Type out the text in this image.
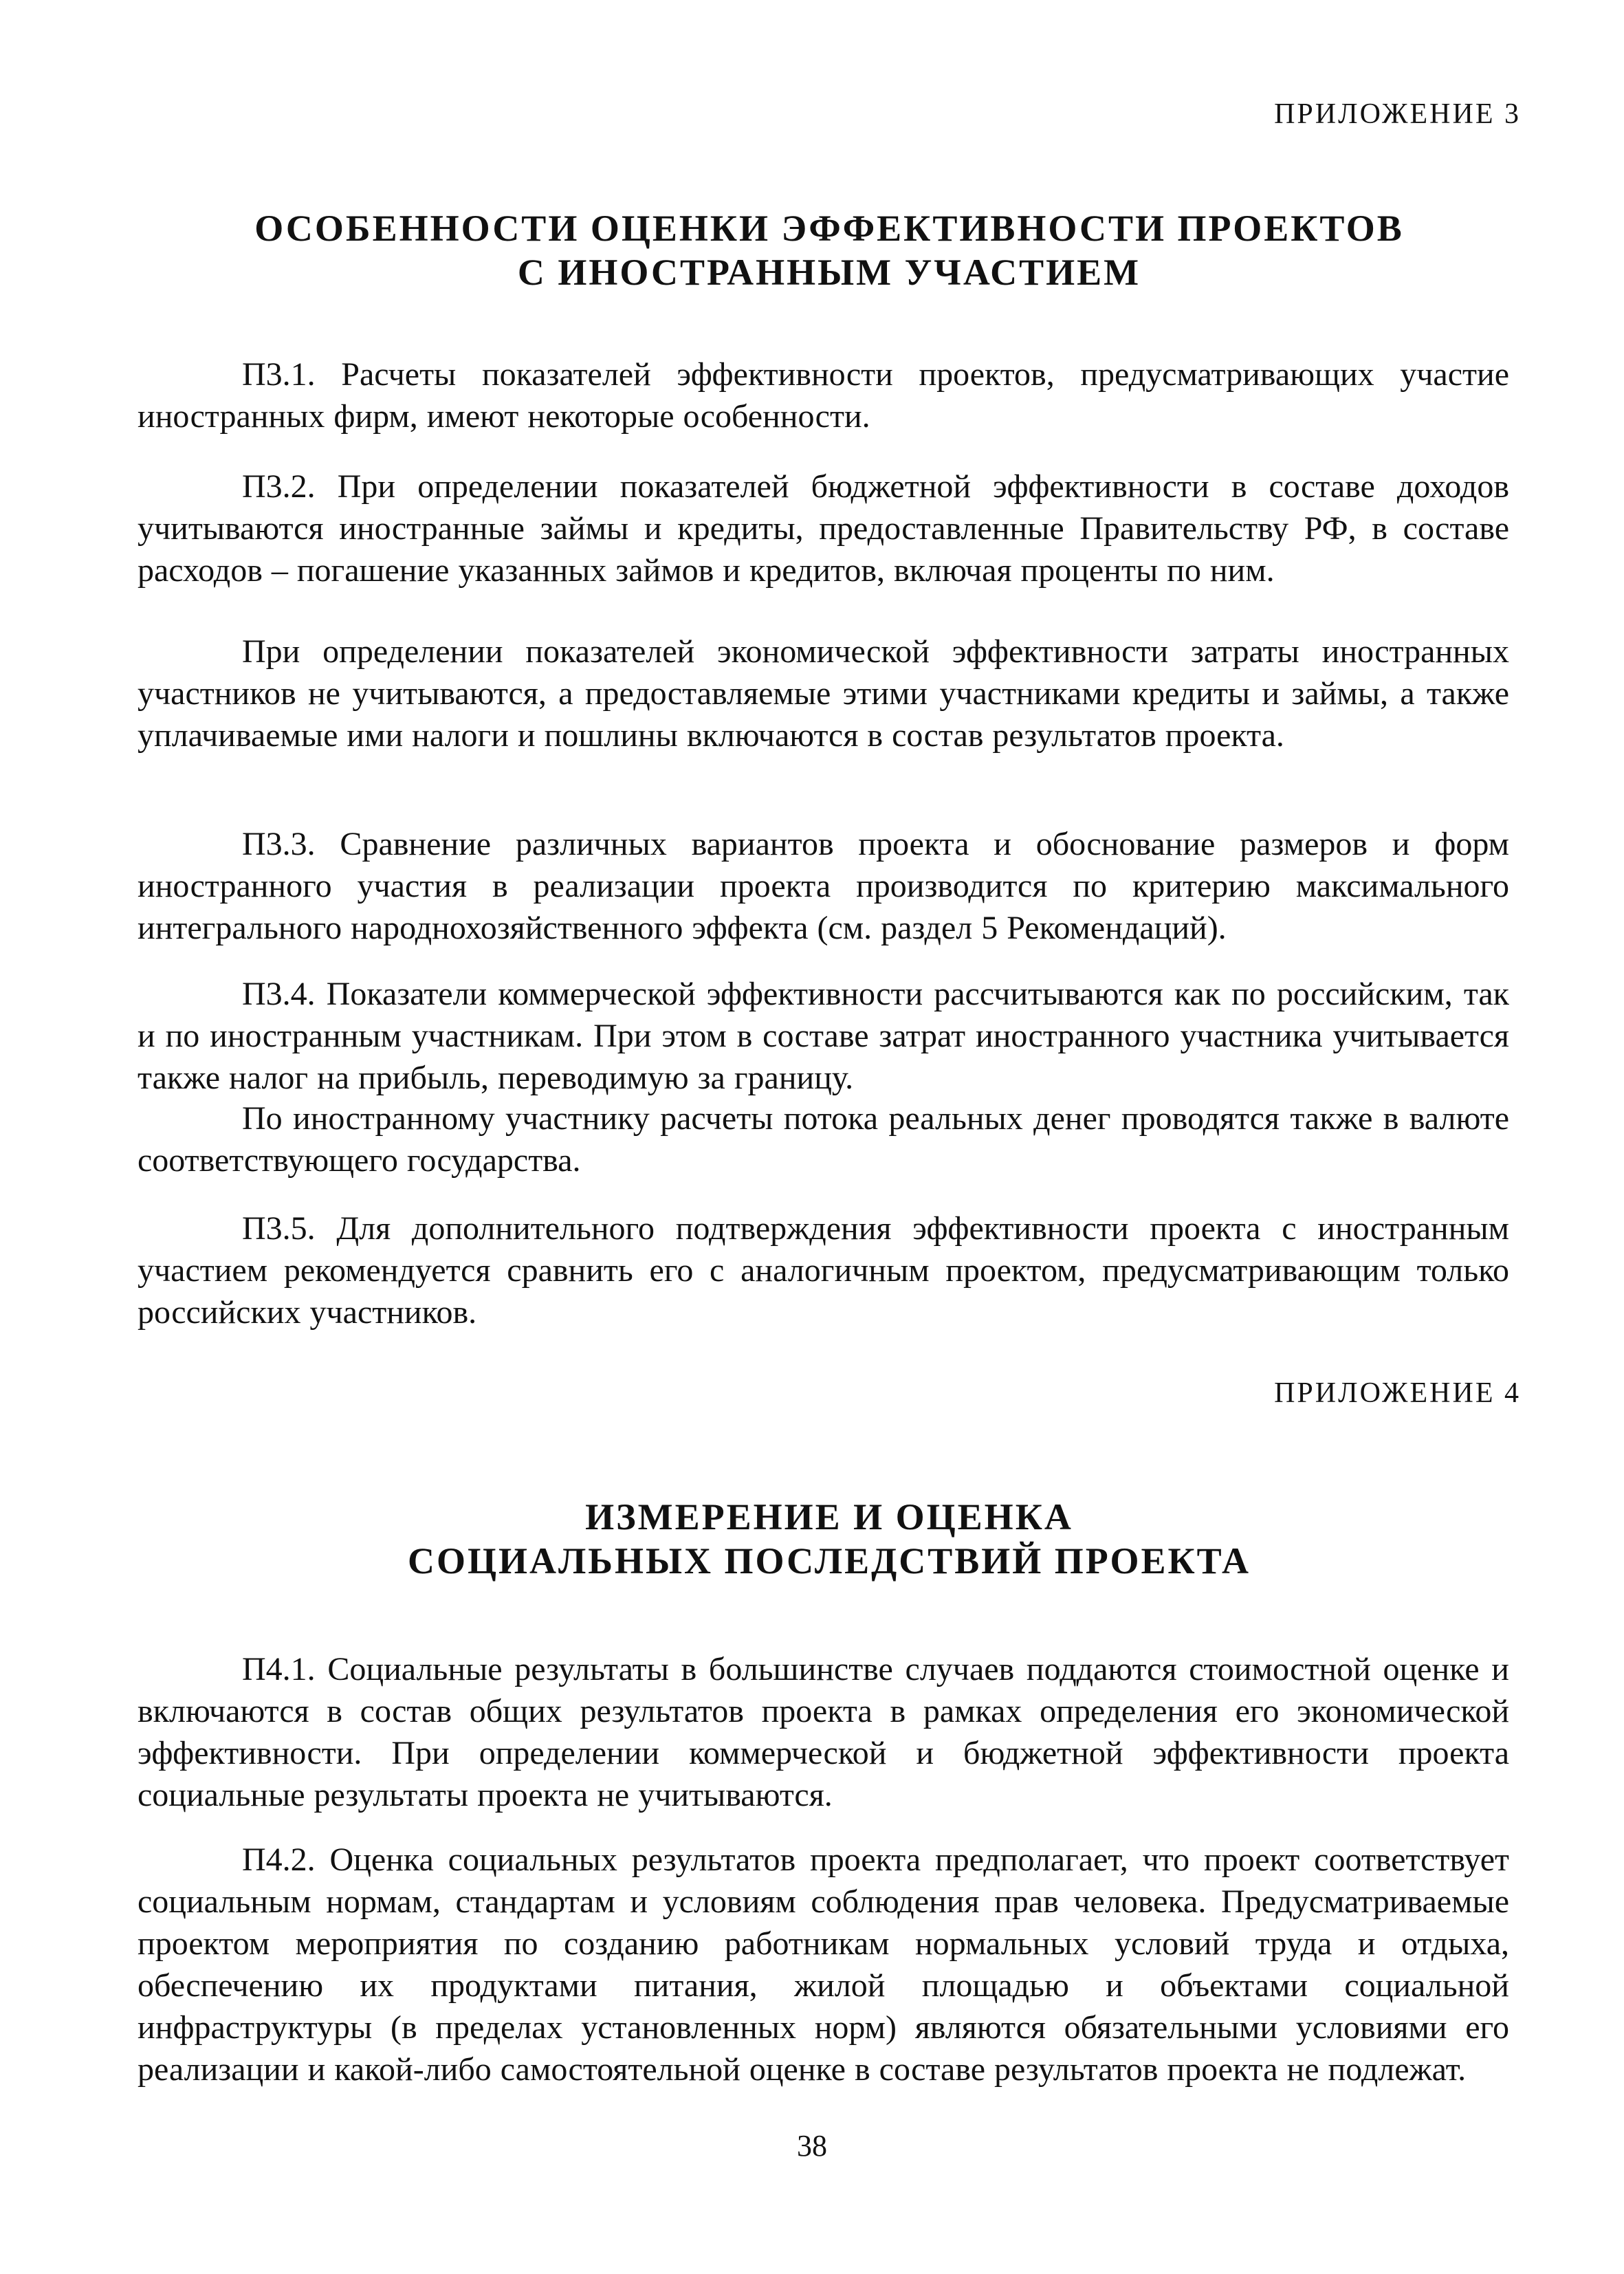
ПРИЛОЖЕНИЕ 3
ОСОБЕННОСТИ ОЦЕНКИ ЭФФЕКТИВНОСТИ ПРОЕКТОВ
С ИНОСТРАННЫМ УЧАСТИЕМ

П3.1. Расчеты показателей эффективности проектов, предусматривающих участие иностранных фирм, имеют некоторые особенности.

П3.2. При определении показателей бюджетной эффективности в составе доходов учитываются иностранные займы и кредиты, предоставленные Правительству РФ, в составе расходов – погашение указанных займов и кредитов, включая проценты по ним.

При определении показателей экономической эффективности затраты иностранных участников не учитываются, а предоставляемые этими участниками кредиты и займы, а также уплачиваемые ими налоги и пошлины включаются в состав результатов проекта.

П3.3. Сравнение различных вариантов проекта и обоснование размеров и форм иностранного участия в реализации проекта производится по критерию максимального интегрального народнохозяйственного эффекта (см. раздел 5 Рекомендаций).

П3.4. Показатели коммерческой эффективности рассчитываются как по российским, так и по иностранным участникам. При этом в составе затрат иностранного участника учитывается также налог на прибыль, переводимую за границу.

По иностранному участнику расчеты потока реальных денег проводятся также в валюте соответствующего государства.

П3.5. Для дополнительного подтверждения эффективности проекта с иностранным участием рекомендуется сравнить его с аналогичным проектом, предусматривающим только российских участников.

ПРИЛОЖЕНИЕ 4
ИЗМЕРЕНИЕ И ОЦЕНКА
СОЦИАЛЬНЫХ ПОСЛЕДСТВИЙ ПРОЕКТА

П4.1. Социальные результаты в большинстве случаев поддаются стоимостной оценке и включаются в состав общих результатов проекта в рамках определения его экономической эффективности. При определении коммерческой и бюджетной эффективности проекта социальные результаты проекта не учитываются.

П4.2. Оценка социальных результатов проекта предполагает, что проект соответствует социальным нормам, стандартам и условиям соблюдения прав человека. Предусматриваемые проектом мероприятия по созданию работникам нормальных условий труда и отдыха, обеспечению их продуктами питания, жилой площадью и объектами социальной инфраструктуры (в пределах установленных норм) являются обязательными условиями его реализации и какой-либо самостоятельной оценке в составе результатов проекта не подлежат.

38
